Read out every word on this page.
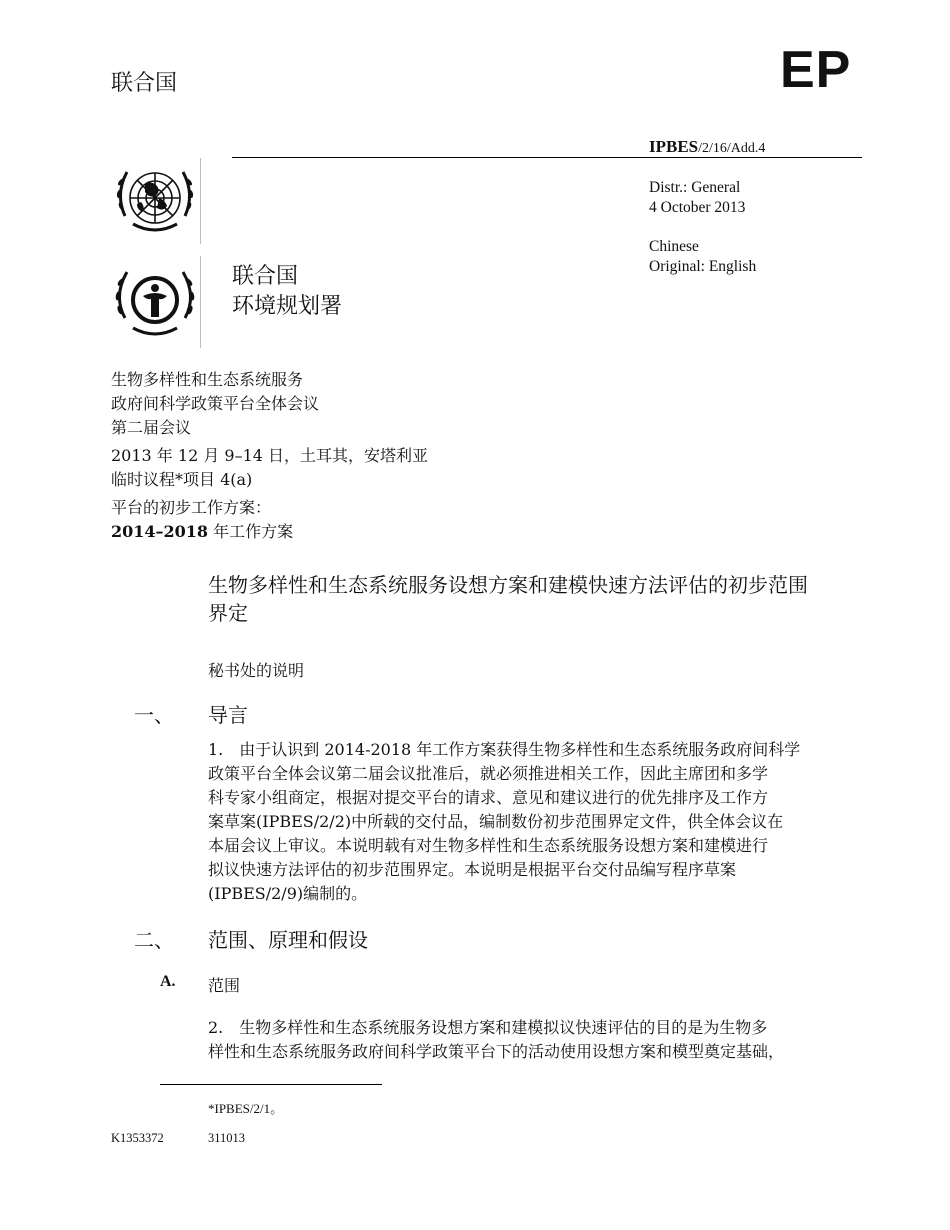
联合国	EP
IPBES/2/16/Add.4
Distr.: General
4 October 2013
Chinese
Original: English
联合国
环境规划署
生物多样性和生态系统服务
政府间科学政策平台全体会议
第二届会议
2013 年 12 月 9–14 日，土耳其，安塔利亚
临时议程*项目 4(a)
平台的初步工作方案：
2014–2018 年工作方案
生物多样性和生态系统服务设想方案和建模快速方法评估的初步范围
界定
秘书处的说明
一、 导言
1.　由于认识到 2014-2018 年工作方案获得生物多样性和生态系统服务政府间科学
政策平台全体会议第二届会议批准后，就必须推进相关工作，因此主席团和多学
科专家小组商定，根据对提交平台的请求、意见和建议进行的优先排序及工作方
案草案(IPBES/2/2)中所载的交付品，编制数份初步范围界定文件，供全体会议在
本届会议上审议。本说明载有对生物多样性和生态系统服务设想方案和建模进行
拟议快速方法评估的初步范围界定。本说明是根据平台交付品编写程序草案
(IPBES/2/9)编制的。
二、 范围、原理和假设
A. 范围
2.　生物多样性和生态系统服务设想方案和建模拟议快速评估的目的是为生物多
样性和生态系统服务政府间科学政策平台下的活动使用设想方案和模型奠定基础，
*IPBES/2/1。
K1353372	311013
